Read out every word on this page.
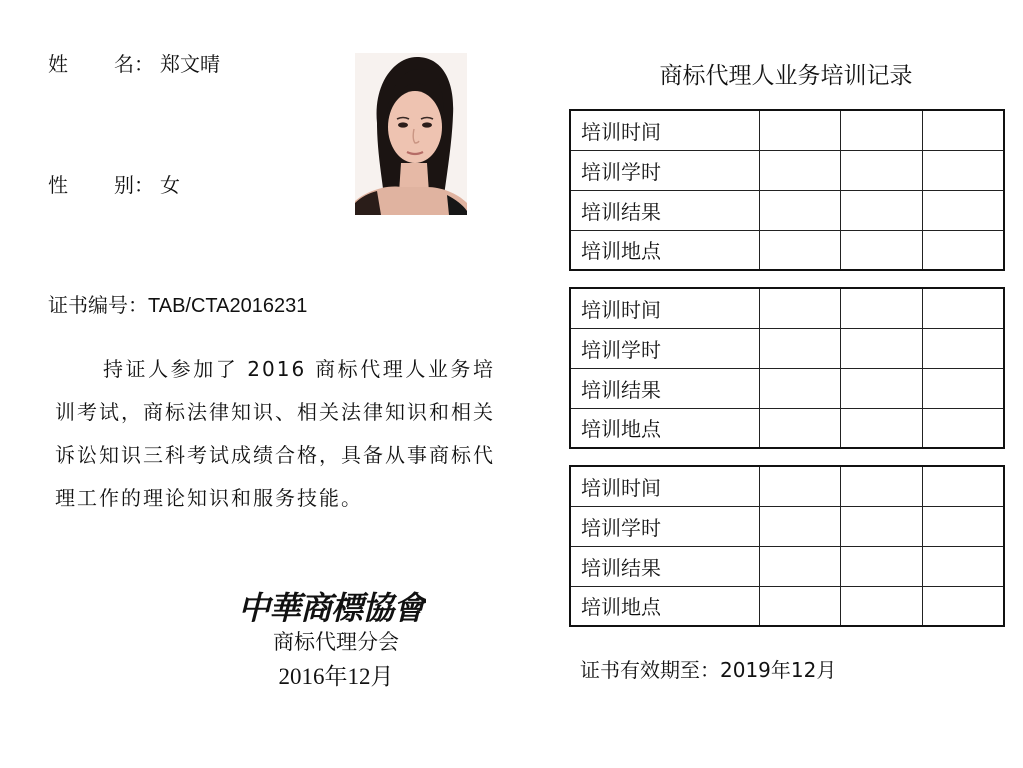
姓 名： 郑文晴
性 别： 女
证书编号：TAB/CTA2016231
持证人参加了 2016 商标代理人业务培训考试，商标法律知识、相关法律知识和相关诉讼知识三科考试成绩合格，具备从事商标代理工作的理论知识和服务技能。
中華商標協會
商标代理分会
2016年12月
商标代理人业务培训记录
培训时间			
培训学时			
培训结果			
培训地点			
培训时间			
培训学时			
培训结果			
培训地点			
培训时间			
培训学时			
培训结果			
培训地点			
证书有效期至：2019年12月
